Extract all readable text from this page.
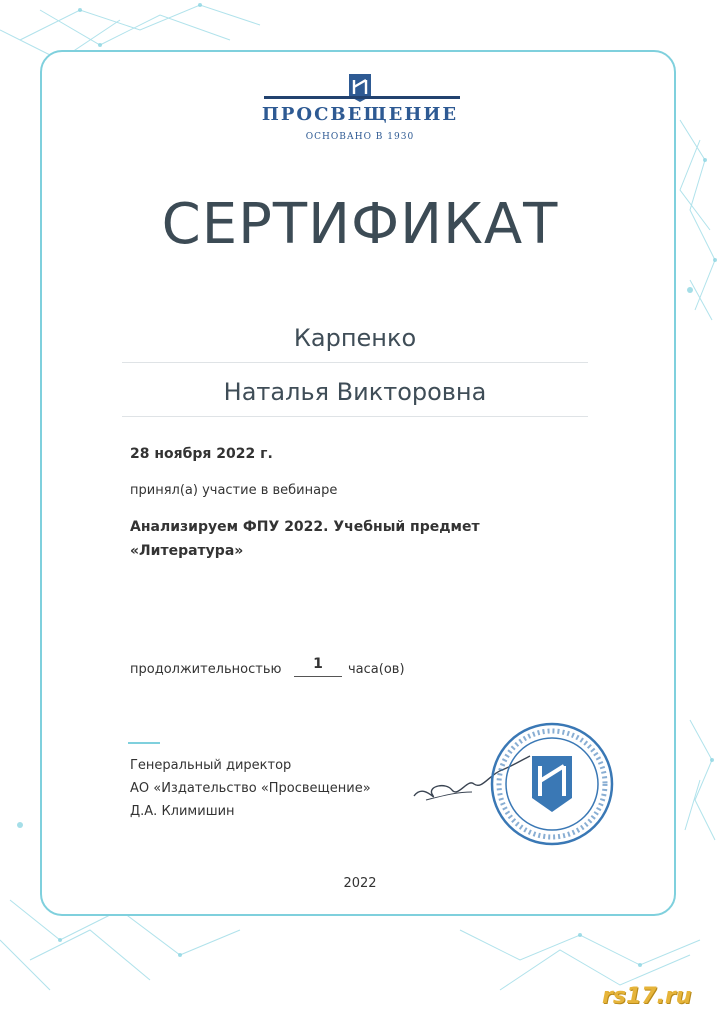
ПРОСВЕЩЕНИЕ
ОСНОВАНО В 1930
СЕРТИФИКАТ
Карпенко
Наталья Викторовна
28 ноября 2022 г.
принял(а) участие в вебинаре
Анализируем ФПУ 2022. Учебный предмет
«Литература»
продолжительностью	1	часа(ов)
Генеральный директор
АО «Издательство «Просвещение»
Д.А. Климишин
2022
rs17.ru
